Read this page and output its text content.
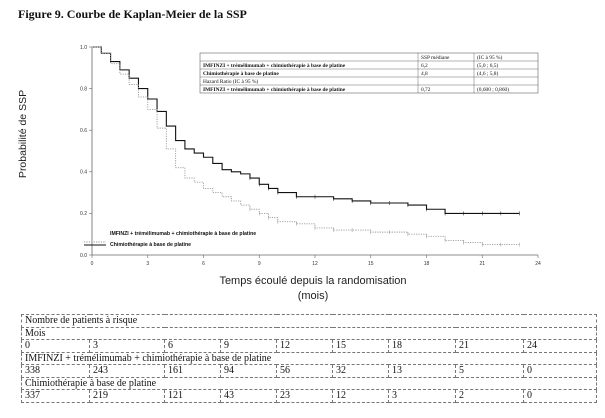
Figure 9. Courbe de Kaplan-Meier de la SSP
0	3	6	9	12	15	18	21	24
0.0
0.2
0.4
0.6
0.8
1.0
SSP médiane	(IC à 95 %)
IMFINZI + trémélimumab + chimiothérapie à base de platine	6,2	(5,0 ; 6,5)
Chimiothérapie à base de platine	4,8	(4,6 ; 5,8)
Hazard Ratio (IC à 95 %)
IMFINZI + trémélimumab + chimiothérapie à base de platine	0,72	(0,600 ; 0,860)
IMFINZI + trémélimumab + chimiothérapie à base de platine
Chimiothérapie à base de platine
Probabilité de SSP
Temps écoulé depuis la randomisation
(mois)
Nombre de patients à risque								
Mois								
0	3	6	9	12	15	18	21	24
IMFINZI + trémélimumab + chimiothérapie à base de platine								
338	243	161	94	56	32	13	5	0
Chimiothérapie à base de platine								
337	219	121	43	23	12	3	2	0
